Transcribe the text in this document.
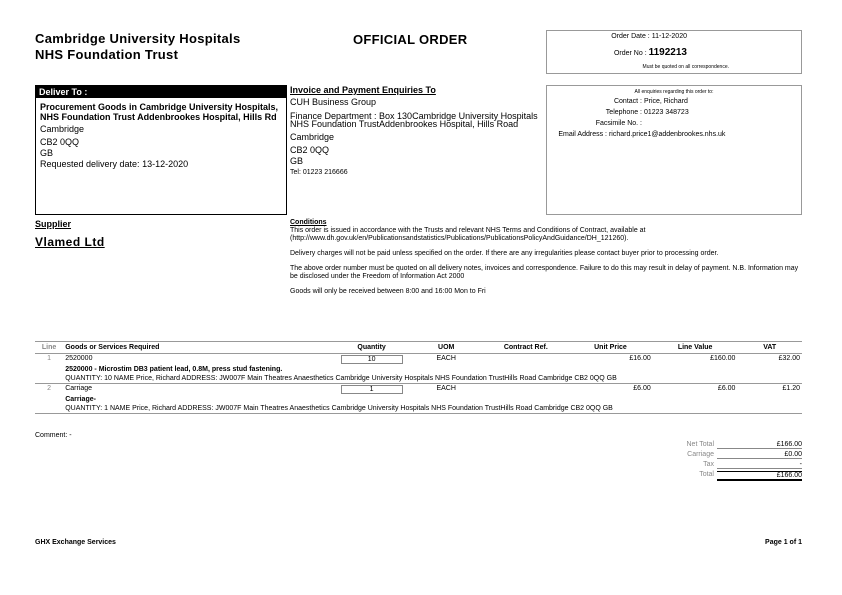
Cambridge University Hospitals
NHS Foundation Trust
OFFICIAL ORDER	Order Date : 11-12-2020
Order No : 1192213
Must be quoted on all correspondence.
Deliver To :
Procurement Goods in Cambridge University Hospitals, NHS Foundation Trust Addenbrookes Hospital, Hills Rd
Cambridge
CB2 0QQ
GB
Requested delivery date: 13-12-2020
Invoice and Payment Enquiries To
CUH Business Group
Finance Department : Box 130Cambridge University Hospitals NHS Foundation TrustAddenbrookes Hospital, Hills Road
Cambridge
CB2 0QQ
GB
Tel: 01223 216666
All enquiries regarding this order to:
Contact : Price, Richard
Telephone : 01223 348723
Facsimile No. :
Email Address : richard.price1@addenbrookes.nhs.uk
Supplier
Vlamed Ltd
Conditions

This order is issued in accordance with the Trusts and relevant NHS Terms and Conditions of Contract, available at (http://www.dh.gov.uk/en/Publicationsandstatistics/Publications/PublicationsPolicyAndGuidance/DH_121260).

Delivery charges will not be paid unless specified on the order. If there are any irregularities please contact buyer prior to processing order.

The above order number must be quoted on all delivery notes, invoices and correspondence. Failure to do this may result in delay of payment. N.B. Information may be disclosed under the Freedom of Information Act 2000

Goods will only be received between 8:00 and 16:00 Mon to Fri

Line	Goods or Services Required	Quantity	UOM	Contract Ref.	Unit Price	Line Value	VAT
1	2520000	10	EACH		£16.00	£160.00	£32.00
	2520000 - Microstim DB3 patient lead, 0.8M, press stud fastening.						
	QUANTITY: 10 NAME Price, Richard ADDRESS: JW007F Main Theatres Anaesthetics Cambridge University Hospitals NHS Foundation TrustHills Road Cambridge CB2 0QQ GB						
2	Carriage	1	EACH		£6.00	£6.00	£1.20
	Carriage-						
	QUANTITY: 1 NAME Price, Richard ADDRESS: JW007F Main Theatres Anaesthetics Cambridge University Hospitals NHS Foundation TrustHills Road Cambridge CB2 0QQ GB						
Comment: -
Net Total	£166.00
Carriage	£0.00
Tax	-
Total	£166.00
GHX Exchange Services	Page 1 of 1
